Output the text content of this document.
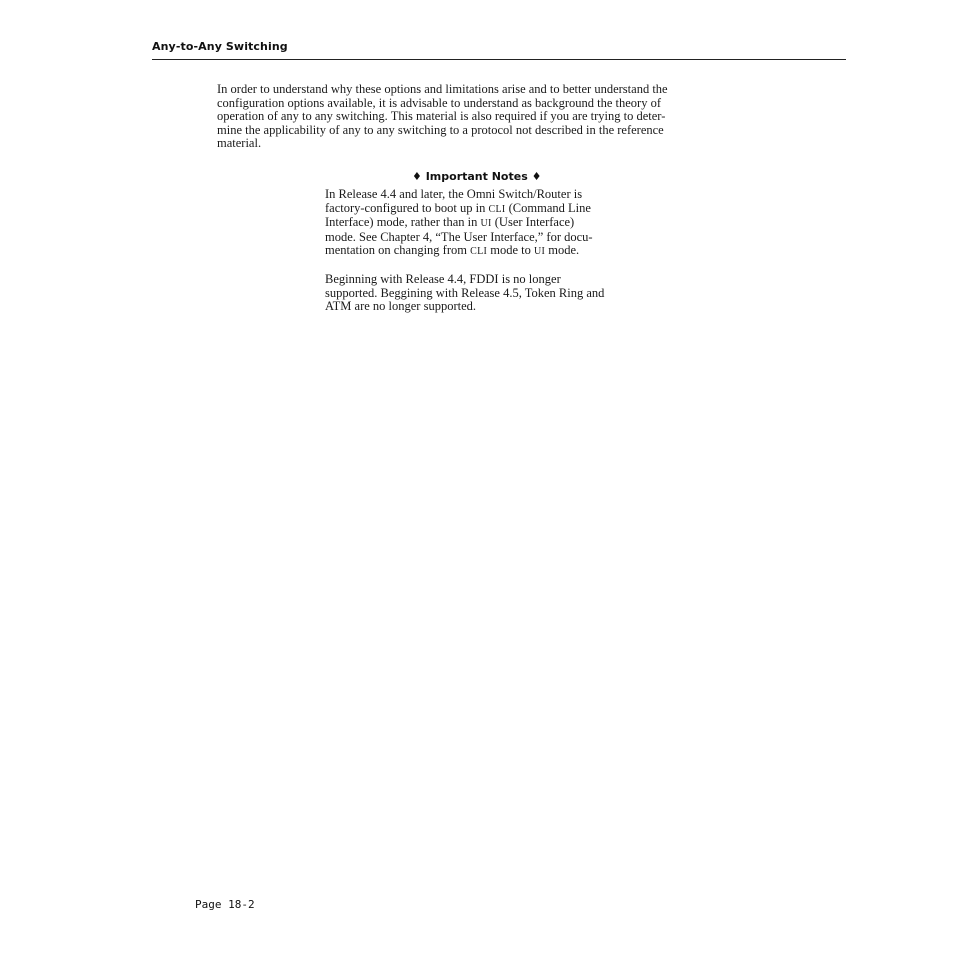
Any-to-Any Switching

In order to understand why these options and limitations arise and to better understand the
configuration options available, it is advisable to understand as background the theory of
operation of any to any switching. This material is also required if you are trying to deter-
mine the applicability of any to any switching to a protocol not described in the reference
material.

♦ Important Notes ♦

In Release 4.4 and later, the Omni Switch/Router is
factory-configured to boot up in CLI (Command Line
Interface) mode, rather than in UI (User Interface)
mode. See Chapter 4, “The User Interface,” for docu-
mentation on changing from CLI mode to UI mode.

Beginning with Release 4.4, FDDI is no longer
supported. Beggining with Release 4.5, Token Ring and
ATM are no longer supported.

Page 18-2
